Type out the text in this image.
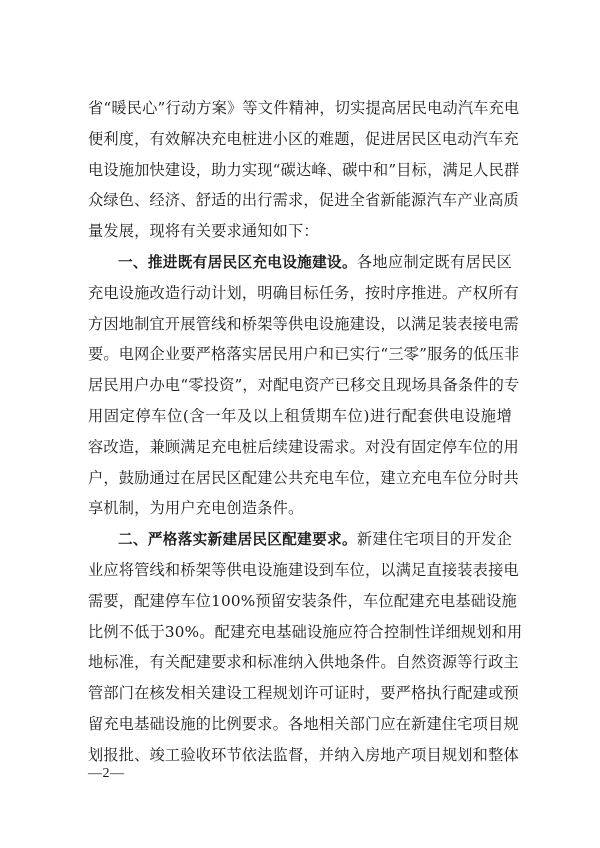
省“暖民心”行动方案》等文件精神，切实提高居民电动汽车充电
便利度，有效解决充电桩进小区的难题，促进居民区电动汽车充
电设施加快建设，助力实现“碳达峰、碳中和”目标，满足人民群
众绿色、经济、舒适的出行需求，促进全省新能源汽车产业高质
量发展，现将有关要求通知如下：
一、推进既有居民区充电设施建设。各地应制定既有居民区
充电设施改造行动计划，明确目标任务，按时序推进。产权所有
方因地制宜开展管线和桥架等供电设施建设，以满足装表接电需
要。电网企业要严格落实居民用户和已实行“三零”服务的低压非
居民用户办电“零投资”，对配电资产已移交且现场具备条件的专
用固定停车位(含一年及以上租赁期车位)进行配套供电设施增
容改造，兼顾满足充电桩后续建设需求。对没有固定停车位的用
户，鼓励通过在居民区配建公共充电车位，建立充电车位分时共
享机制，为用户充电创造条件。
二、严格落实新建居民区配建要求。新建住宅项目的开发企
业应将管线和桥架等供电设施建设到车位，以满足直接装表接电
需要，配建停车位100%预留安装条件，车位配建充电基础设施
比例不低于30%。配建充电基础设施应符合控制性详细规划和用
地标准，有关配建要求和标准纳入供地条件。自然资源等行政主
管部门在核发相关建设工程规划许可证时，要严格执行配建或预
留充电基础设施的比例要求。各地相关部门应在新建住宅项目规
划报批、竣工验收环节依法监督，并纳入房地产项目规划和整体
—2—
